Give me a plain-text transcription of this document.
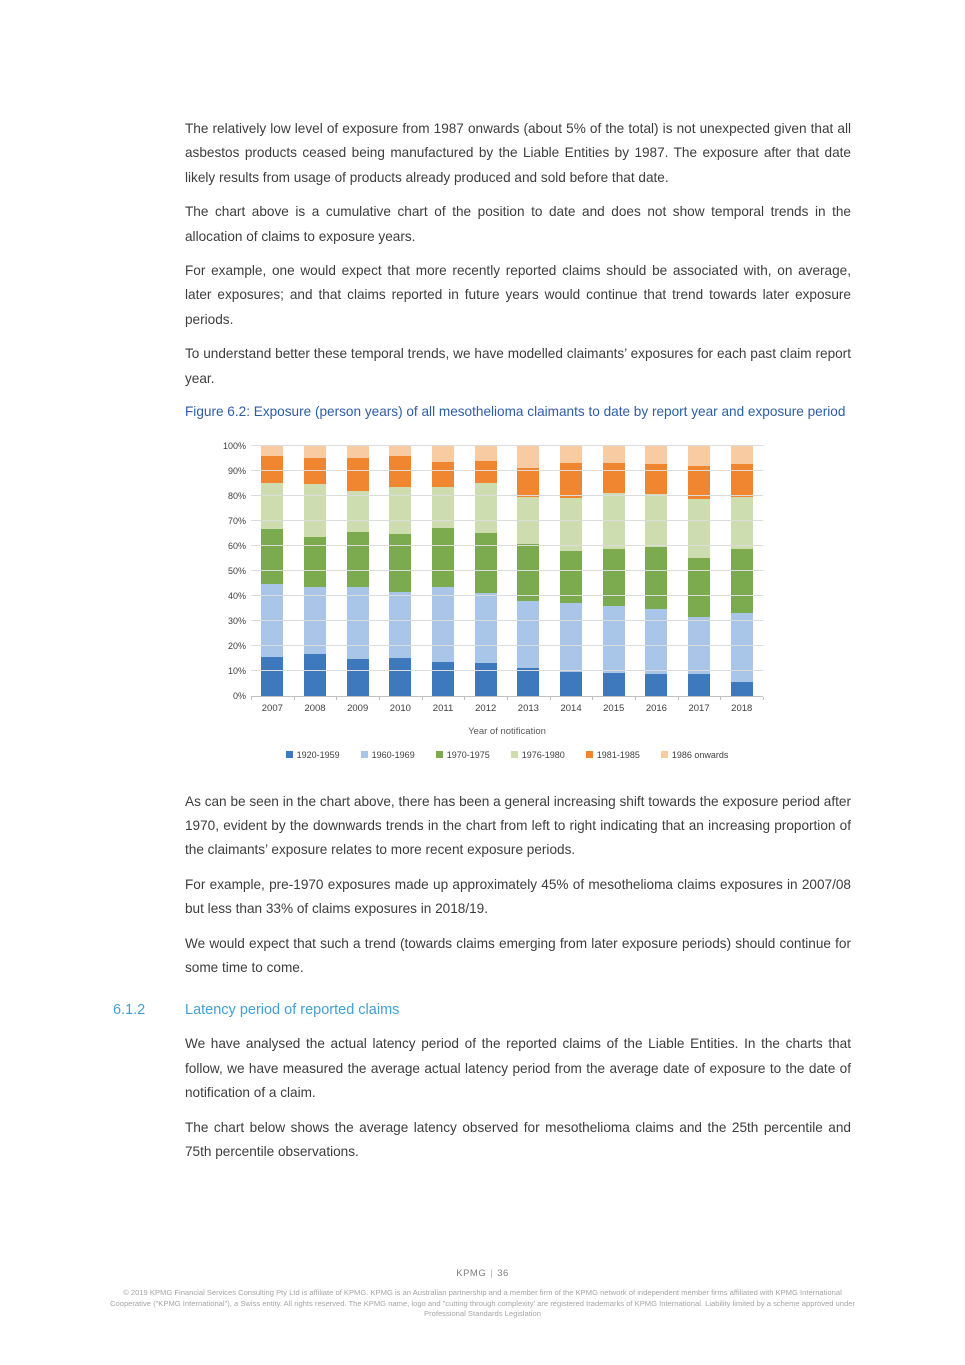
The relatively low level of exposure from 1987 onwards (about 5% of the total) is not unexpected given that all asbestos products ceased being manufactured by the Liable Entities by 1987. The exposure after that date likely results from usage of products already produced and sold before that date.

The chart above is a cumulative chart of the position to date and does not show temporal trends in the allocation of claims to exposure years.

For example, one would expect that more recently reported claims should be associated with, on average, later exposures; and that claims reported in future years would continue that trend towards later exposure periods.

To understand better these temporal trends, we have modelled claimants’ exposures for each past claim report year.

Figure 6.2: Exposure (person years) of all mesothelioma claimants to date by report year and exposure period

0%
10%
20%
30%
40%
50%
60%
70%
80%
90%
100%
2007	2008	2009	2010	2011	2012	2013	2014	2015	2016	2017	2018
Year of notification
1920-1959	1960-1969	1970-1975	1976-1980	1981-1985	1986 onwards

As can be seen in the chart above, there has been a general increasing shift towards the exposure period after 1970, evident by the downwards trends in the chart from left to right indicating that an increasing proportion of the claimants’ exposure relates to more recent exposure periods.

For example, pre-1970 exposures made up approximately 45% of mesothelioma claims exposures in 2007/08 but less than 33% of claims exposures in 2018/19.

We would expect that such a trend (towards claims emerging from later exposure periods) should continue for some time to come.

6.1.2	Latency period of reported claims

We have analysed the actual latency period of the reported claims of the Liable Entities. In the charts that follow, we have measured the average actual latency period from the average date of exposure to the date of notification of a claim.

The chart below shows the average latency observed for mesothelioma claims and the 25th percentile and 75th percentile observations.

KPMG | 36
© 2019 KPMG Financial Services Consulting Pty Ltd is affiliate of KPMG. KPMG is an Australian partnership and a member firm of the KPMG network of independent member firms affiliated with KPMG International Cooperative ("KPMG International"), a Swiss entity. All rights reserved. The KPMG name, logo and "cutting through complexity' are registered trademarks of KPMG International. Liability limited by a scheme approved under Professional Standards Legislation
